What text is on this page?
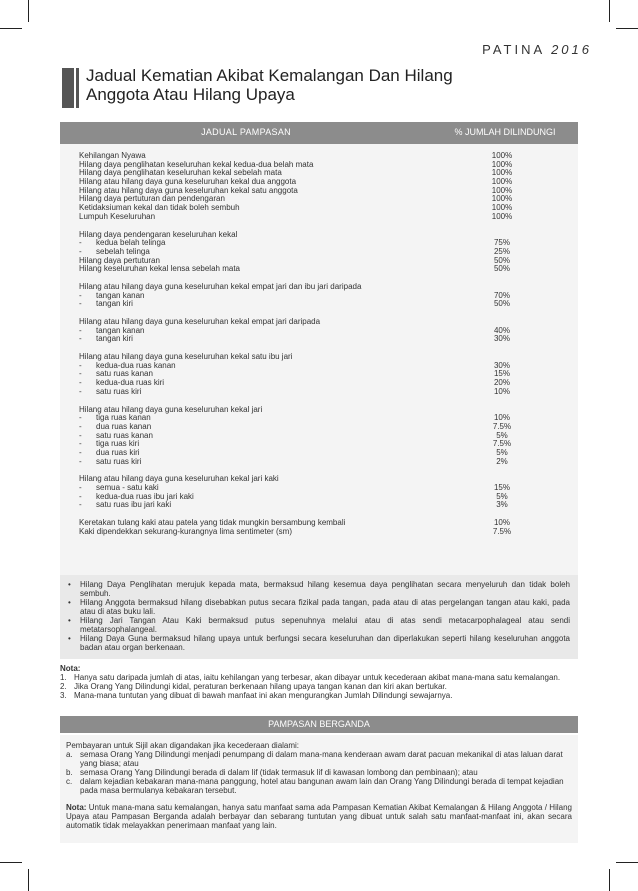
PATINA 2016
Jadual Kematian Akibat Kemalangan Dan Hilang
Anggota Atau Hilang Upaya
JADUAL PAMPASAN	% JUMLAH DILINDUNGI
Kehilangan Nyawa	100%
Hilang daya penglihatan keseluruhan kekal kedua-dua belah mata	100%
Hilang daya penglihatan keseluruhan kekal sebelah mata	100%
Hilang atau hilang daya guna keseluruhan kekal dua anggota	100%
Hilang atau hilang daya guna keseluruhan kekal satu anggota	100%
Hilang daya pertuturan dan pendengaran	100%
Ketidaksiuman kekal dan tidak boleh sembuh	100%
Lumpuh Keseluruhan	100%
Hilang daya pendengaran keseluruhan kekal
- kedua belah telinga	75%
- sebelah telinga	25%
Hilang daya pertuturan	50%
Hilang keseluruhan kekal lensa sebelah mata	50%
Hilang atau hilang daya guna keseluruhan kekal empat jari dan ibu jari daripada
- tangan kanan	70%
- tangan kiri	50%
Hilang atau hilang daya guna keseluruhan kekal empat jari daripada
- tangan kanan	40%
- tangan kiri	30%
Hilang atau hilang daya guna keseluruhan kekal satu ibu jari
- kedua-dua ruas kanan	30%
- satu ruas kanan	15%
- kedua-dua ruas kiri	20%
- satu ruas kiri	10%
Hilang atau hilang daya guna keseluruhan kekal jari
- tiga ruas kanan	10%
- dua ruas kanan	7.5%
- satu ruas kanan	5%
- tiga ruas kiri	7.5%
- dua ruas kiri	5%
- satu ruas kiri	2%
Hilang atau hilang daya guna keseluruhan kekal jari kaki
- semua - satu kaki	15%
- kedua-dua ruas ibu jari kaki	5%
- satu ruas ibu jari kaki	3%
Keretakan tulang kaki atau patela yang tidak mungkin bersambung kembali	10%
Kaki dipendekkan sekurang-kurangnya lima sentimeter (sm)	7.5%
• Hilang Daya Penglihatan merujuk kepada mata, bermaksud hilang kesemua daya penglihatan secara menyeluruh dan tidak boleh sembuh.
• Hilang Anggota bermaksud hilang disebabkan putus secara fizikal pada tangan, pada atau di atas pergelangan tangan atau kaki, pada atau di atas buku lali.
• Hilang Jari Tangan Atau Kaki bermaksud putus sepenuhnya melalui atau di atas sendi metacarpophalageal atau sendi metatarsophalangeal.
• Hilang Daya Guna bermaksud hilang upaya untuk berfungsi secara keseluruhan dan diperlakukan seperti hilang keseluruhan anggota badan atau organ berkenaan.
Nota:
1. Hanya satu daripada jumlah di atas, iaitu kehilangan yang terbesar, akan dibayar untuk kecederaan akibat mana-mana satu kemalangan.
2. Jika Orang Yang Dilindungi kidal, peraturan berkenaan hilang upaya tangan kanan dan kiri akan bertukar.
3. Mana-mana tuntutan yang dibuat di bawah manfaat ini akan mengurangkan Jumlah Dilindungi sewajarnya.
PAMPASAN BERGANDA
Pembayaran untuk Sijil akan digandakan jika kecederaan dialami:
a. semasa Orang Yang Dilindungi menjadi penumpang di dalam mana-mana kenderaan awam darat pacuan mekanikal di atas laluan darat yang biasa; atau
b. semasa Orang Yang Dilindungi berada di dalam lif (tidak termasuk lif di kawasan lombong dan pembinaan); atau
c. dalam kejadian kebakaran mana-mana panggung, hotel atau bangunan awam lain dan Orang Yang Dilindungi berada di tempat kejadian pada masa bermulanya kebakaran tersebut.
Nota: Untuk mana-mana satu kemalangan, hanya satu manfaat sama ada Pampasan Kematian Akibat Kemalangan & Hilang Anggota / Hilang Upaya atau Pampasan Berganda adalah berbayar dan sebarang tuntutan yang dibuat untuk salah satu manfaat-manfaat ini, akan secara automatik tidak melayakkan penerimaan manfaat yang lain.
